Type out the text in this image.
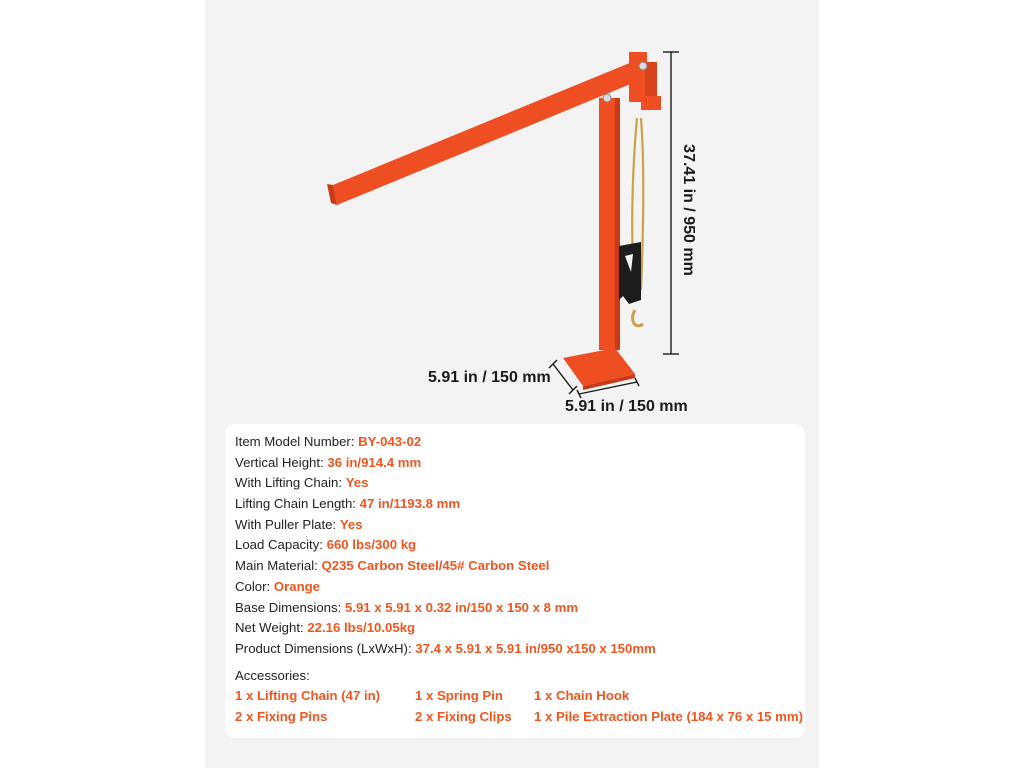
37.41 in / 950 mm
5.91 in / 150 mm
5.91 in / 150 mm
Item Model Number: BY-043-02
Vertical Height: 36 in/914.4 mm
With Lifting Chain: Yes
Lifting Chain Length: 47 in/1193.8 mm
With Puller Plate: Yes
Load Capacity: 660 lbs/300 kg
Main Material: Q235 Carbon Steel/45# Carbon Steel
Color: Orange
Base Dimensions: 5.91 x 5.91 x 0.32 in/150 x 150 x 8 mm
Net Weight: 22.16 lbs/10.05kg
Product Dimensions (LxWxH): 37.4 x 5.91 x 5.91 in/950 x150 x 150mm
Accessories:
1 x Lifting Chain (47 in)	1 x Spring Pin 1 x Chain Hook
2 x Fixing Pins	2 x Fixing Clips 1 x Pile Extraction Plate (184 x 76 x 15 mm)
